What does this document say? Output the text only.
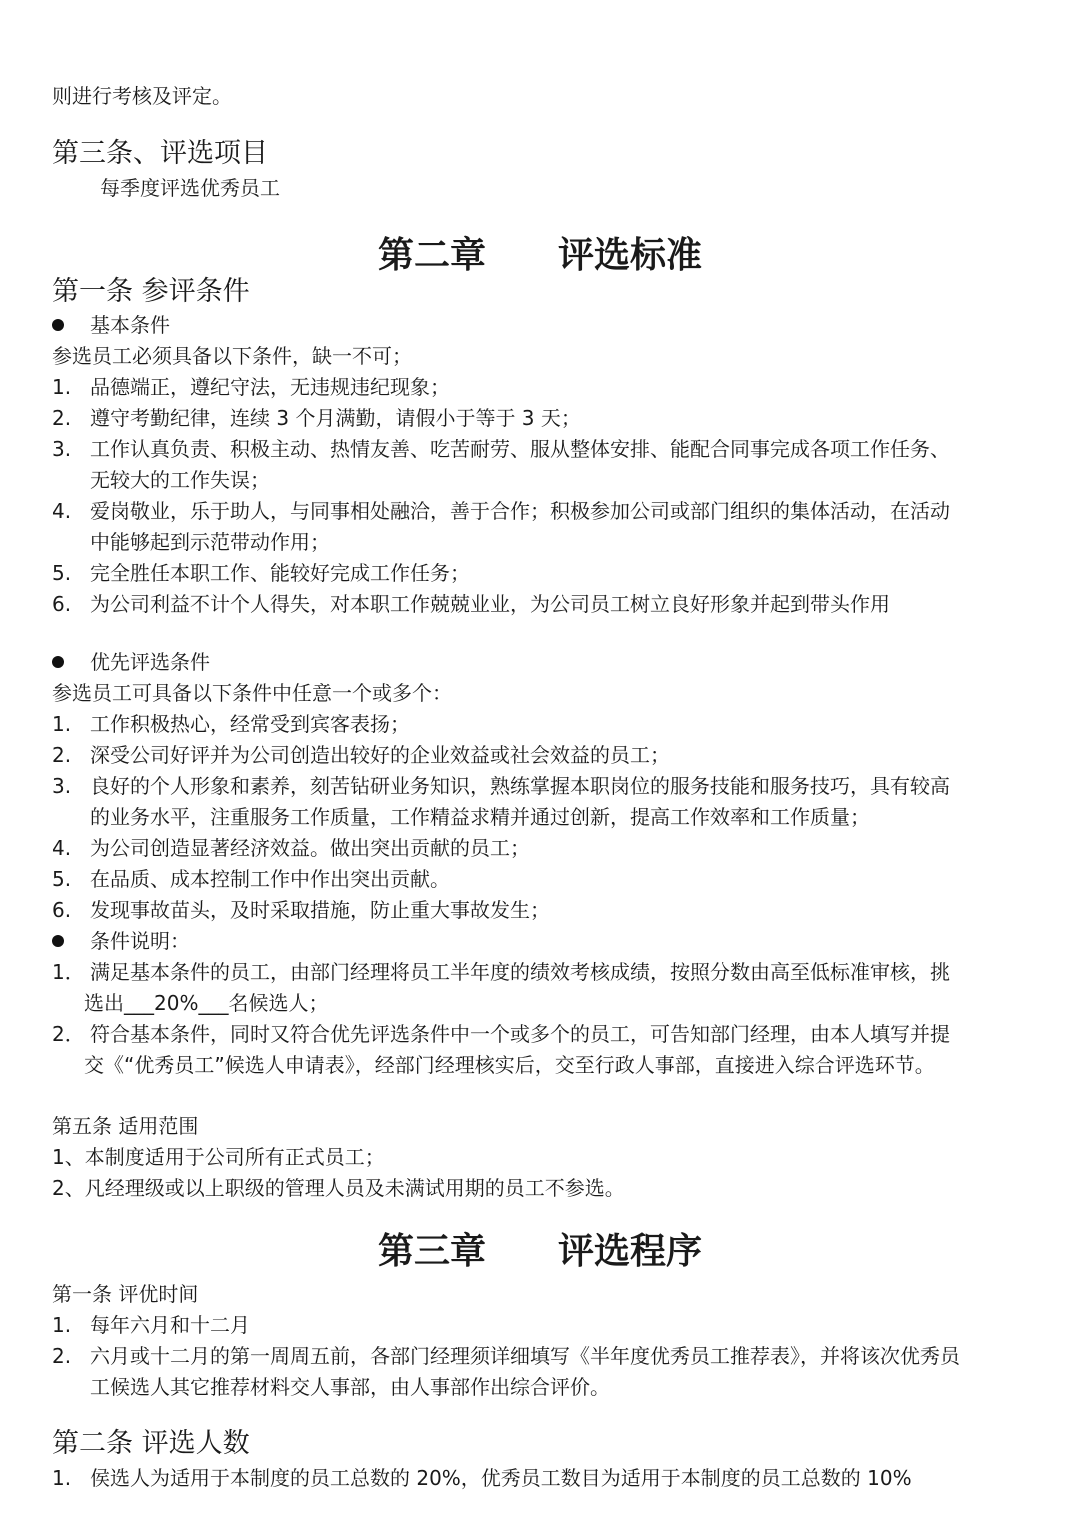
则进行考核及评定。
第三条、评选项目
每季度评选优秀员工
第二章　　评选标准
第一条 参评条件
基本条件
参选员工必须具备以下条件，缺一不可；
1. 品德端正，遵纪守法，无违规违纪现象；
2. 遵守考勤纪律，连续 3 个月满勤，请假小于等于 3 天；
3. 工作认真负责、积极主动、热情友善、吃苦耐劳、服从整体安排、能配合同事完成各项工作任务、
无较大的工作失误；
4. 爱岗敬业，乐于助人，与同事相处融洽，善于合作；积极参加公司或部门组织的集体活动，在活动
中能够起到示范带动作用；
5. 完全胜任本职工作、能较好完成工作任务；
6. 为公司利益不计个人得失，对本职工作兢兢业业，为公司员工树立良好形象并起到带头作用
优先评选条件
参选员工可具备以下条件中任意一个或多个：
1. 工作积极热心，经常受到宾客表扬；
2. 深受公司好评并为公司创造出较好的企业效益或社会效益的员工；
3. 良好的个人形象和素养，刻苦钻研业务知识，熟练掌握本职岗位的服务技能和服务技巧，具有较高
的业务水平，注重服务工作质量，工作精益求精并通过创新，提高工作效率和工作质量；
4. 为公司创造显著经济效益。做出突出贡献的员工；
5. 在品质、成本控制工作中作出突出贡献。
6. 发现事故苗头，及时采取措施，防止重大事故发生；
条件说明：
1． 满足基本条件的员工，由部门经理将员工半年度的绩效考核成绩，按照分数由高至低标准审核，挑
选出___20%___名候选人；
2． 符合基本条件，同时又符合优先评选条件中一个或多个的员工，可告知部门经理，由本人填写并提
交《“优秀员工”候选人申请表》，经部门经理核实后，交至行政人事部，直接进入综合评选环节。
第五条 适用范围
1、本制度适用于公司所有正式员工；
2、凡经理级或以上职级的管理人员及未满试用期的员工不参选。
第三章　　评选程序
第一条 评优时间
1. 每年六月和十二月
2. 六月或十二月的第一周周五前，各部门经理须详细填写《半年度优秀员工推荐表》，并将该次优秀员
工候选人其它推荐材料交人事部，由人事部作出综合评价。
第二条 评选人数
1. 侯选人为适用于本制度的员工总数的 20%，优秀员工数目为适用于本制度的员工总数的 10%
